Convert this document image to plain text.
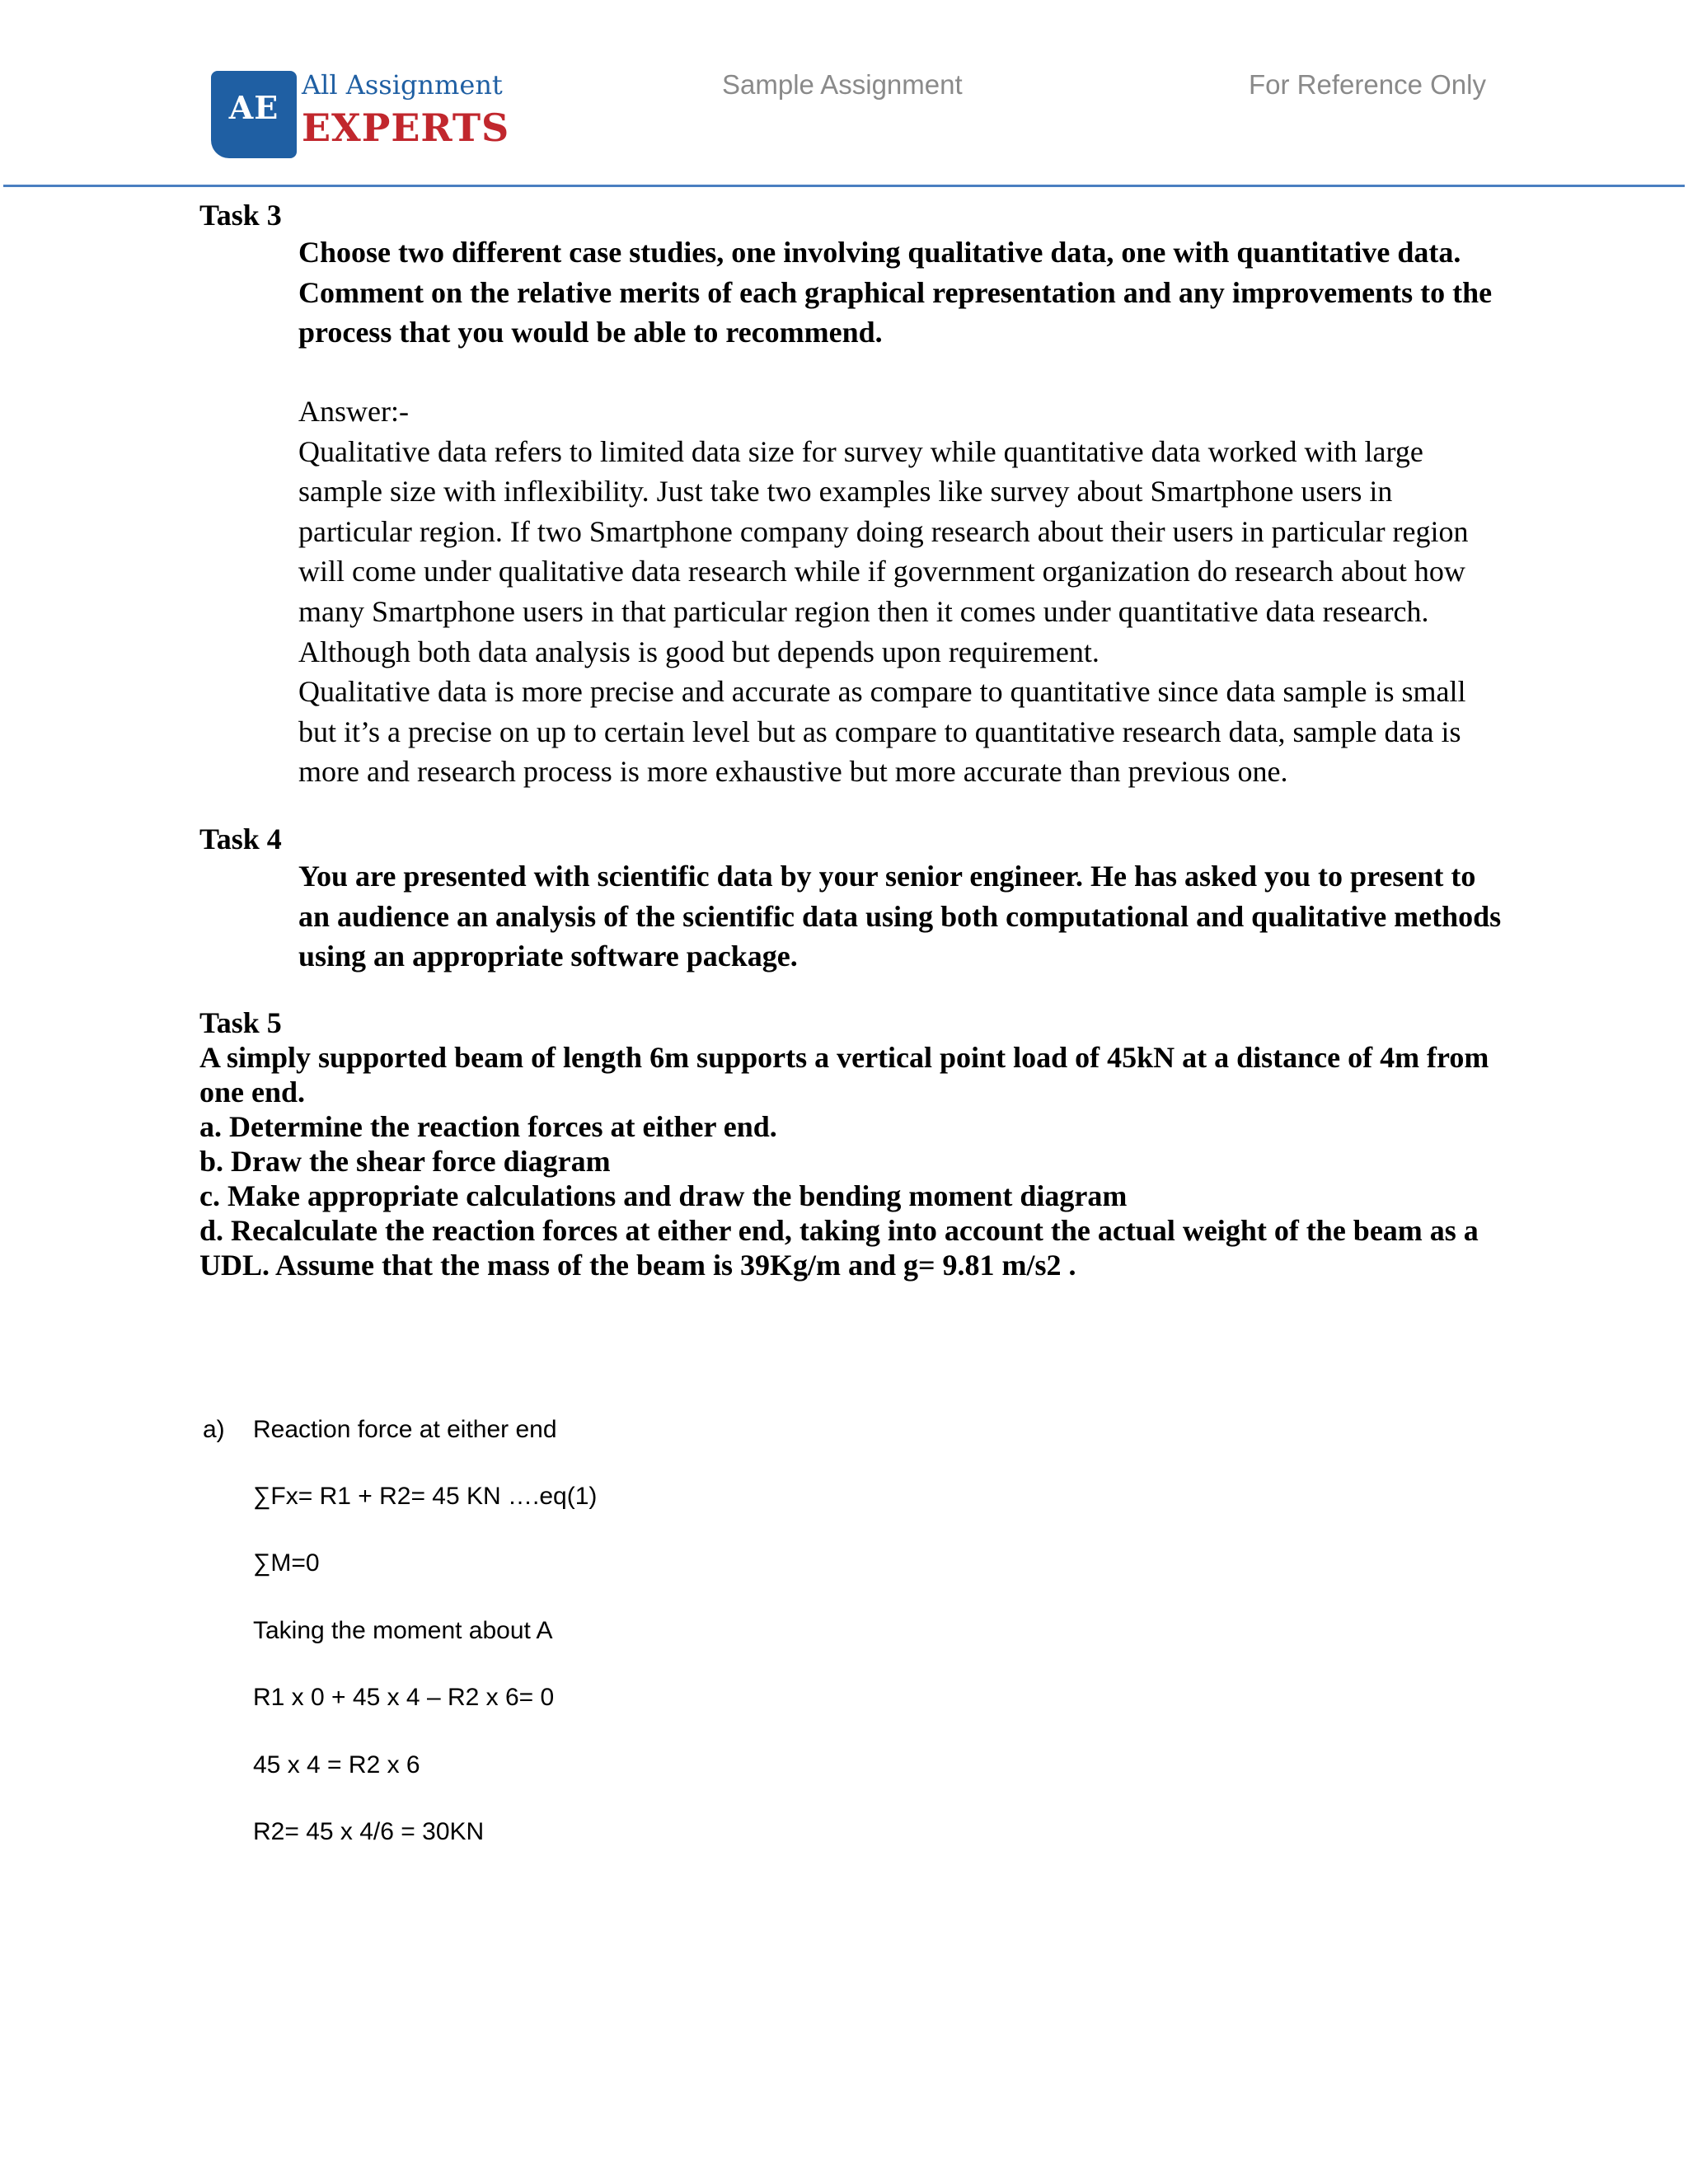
AE
All Assignment
EXPERTS
Sample Assignment	For Reference Only
Task 3

Choose two different case studies, one involving qualitative data, one with quantitative data. Comment on the relative merits of each graphical representation and any improvements to the process that you would be able to recommend.

Answer:-

Qualitative data refers to limited data size for survey while quantitative data worked with large sample size with inflexibility. Just take two examples like survey about Smartphone users in particular region. If two Smartphone company doing research about their users in particular region will come under qualitative data research while if government organization do research about how many Smartphone users in that particular region then it comes under quantitative data research. Although both data analysis is good but depends upon requirement.

Qualitative data is more precise and accurate as compare to quantitative since data sample is small but it’s a precise on up to certain level but as compare to quantitative research data, sample data is more and research process is more exhaustive but more accurate than previous one.

Task 4

You are presented with scientific data by your senior engineer. He has asked you to present to an audience an analysis of the scientific data using both computational and qualitative methods using an appropriate software package.

Task 5

A simply supported beam of length 6m supports a vertical point load of 45kN at a distance of 4m from one end.

a. Determine the reaction forces at either end.

b. Draw the shear force diagram

c. Make appropriate calculations and draw the bending moment diagram

d. Recalculate the reaction forces at either end, taking into account the actual weight of the beam as a UDL. Assume that the mass of the beam is 39Kg/m and g= 9.81 m/s2 .

a) Reaction force at either end
∑Fx= R1 + R2= 45 KN ….eq(1)
∑M=0
Taking the moment about A
R1 x 0 + 45 x 4 – R2 x 6= 0
45 x 4 = R2 x 6
R2= 45 x 4/6 = 30KN
